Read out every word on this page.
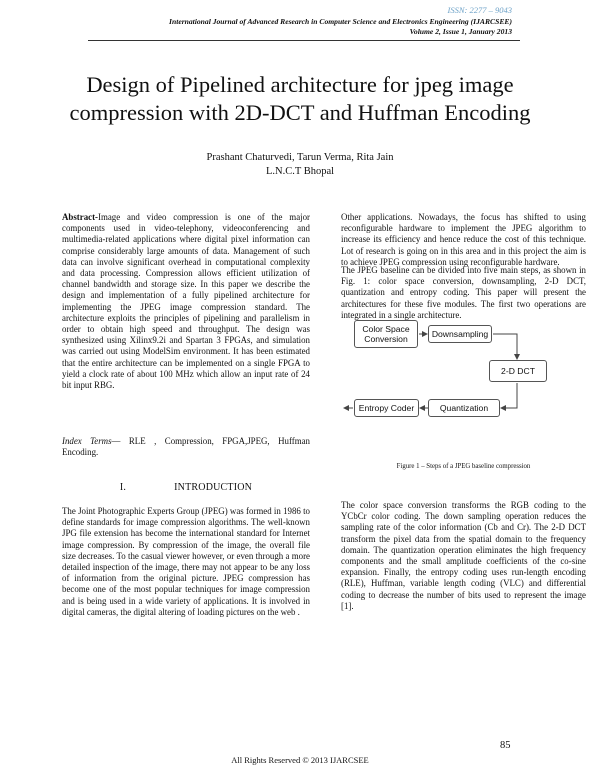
ISSN: 2277 – 9043
International Journal of Advanced Research in Computer Science and Electronics Engineering (IJARCSEE)
Volume 2, Issue 1, January 2013
Design of Pipelined architecture for jpeg image
compression with 2D-DCT and Huffman Encoding
Prashant Chaturvedi, Tarun Verma, Rita Jain
L.N.C.T Bhopal

Abstract-Image and video compression is one of the major components used in video-telephony, videoconferencing and multimedia-related applications where digital pixel information can comprise considerably large amounts of data. Management of such data can involve significant overhead in computational complexity and data processing. Compression allows efficient utilization of channel bandwidth and storage size. In this paper we describe the design and implementation of a fully pipelined architecture for implementing the JPEG image compression standard. The architecture exploits the principles of pipelining and parallelism in order to obtain high speed and throughput. The design was synthesized using Xilinx9.2i and Spartan 3 FPGAs, and simulation was carried out using ModelSim environment. It has been estimated that the entire architecture can be implemented on a single FPGA to yield a clock rate of about 100 MHz which allow an input rate of 24 bit input RBG.

Index Terms— RLE , Compression, FPGA,JPEG, Huffman Encoding.

I.	INTRODUCTION

The Joint Photographic Experts Group (JPEG) was formed in 1986 to define standards for image compression algorithms. The well-known JPG file extension has become the international standard for Internet image compression. By compression of the image, the overall file size decreases. To the casual viewer however, or even through a more detailed inspection of the image, there may not appear to be any loss of information from the original picture. JPEG compression has become one of the most popular techniques for image compression and is being used in a wide variety of applications. It is involved in digital cameras, the digital altering of loading pictures on the web .

Other applications. Nowadays, the focus has shifted to using reconfigurable hardware to implement the JPEG algorithm to increase its efficiency and hence reduce the cost of this technique. Lot of research is going on in this area and in this project the aim is to achieve JPEG compression using reconfigurable hardware.

The JPEG baseline can be divided into five main steps, as shown in Fig. 1: color space conversion, downsampling, 2-D DCT, quantization and entropy coding. This paper will present the architectures for these five modules. The first two operations are integrated in a single architecture.

Color Space
Conversion	Downsampling
2-D DCT
Quantization
Entropy Coder
Figure 1 – Steps of a JPEG baseline compression

The color space conversion transforms the RGB coding to the YCbCr color coding. The down sampling operation reduces the sampling rate of the color information (Cb and Cr). The 2-D DCT transform the pixel data from the spatial domain to the frequency domain. The quantization operation eliminates the high frequency components and the small amplitude coefficients of the co-sine expansion. Finally, the entropy coding uses run-length encoding (RLE), Huffman, variable length coding (VLC) and differential coding to decrease the number of bits used to represent the image [1].

85
All Rights Reserved © 2013 IJARCSEE
